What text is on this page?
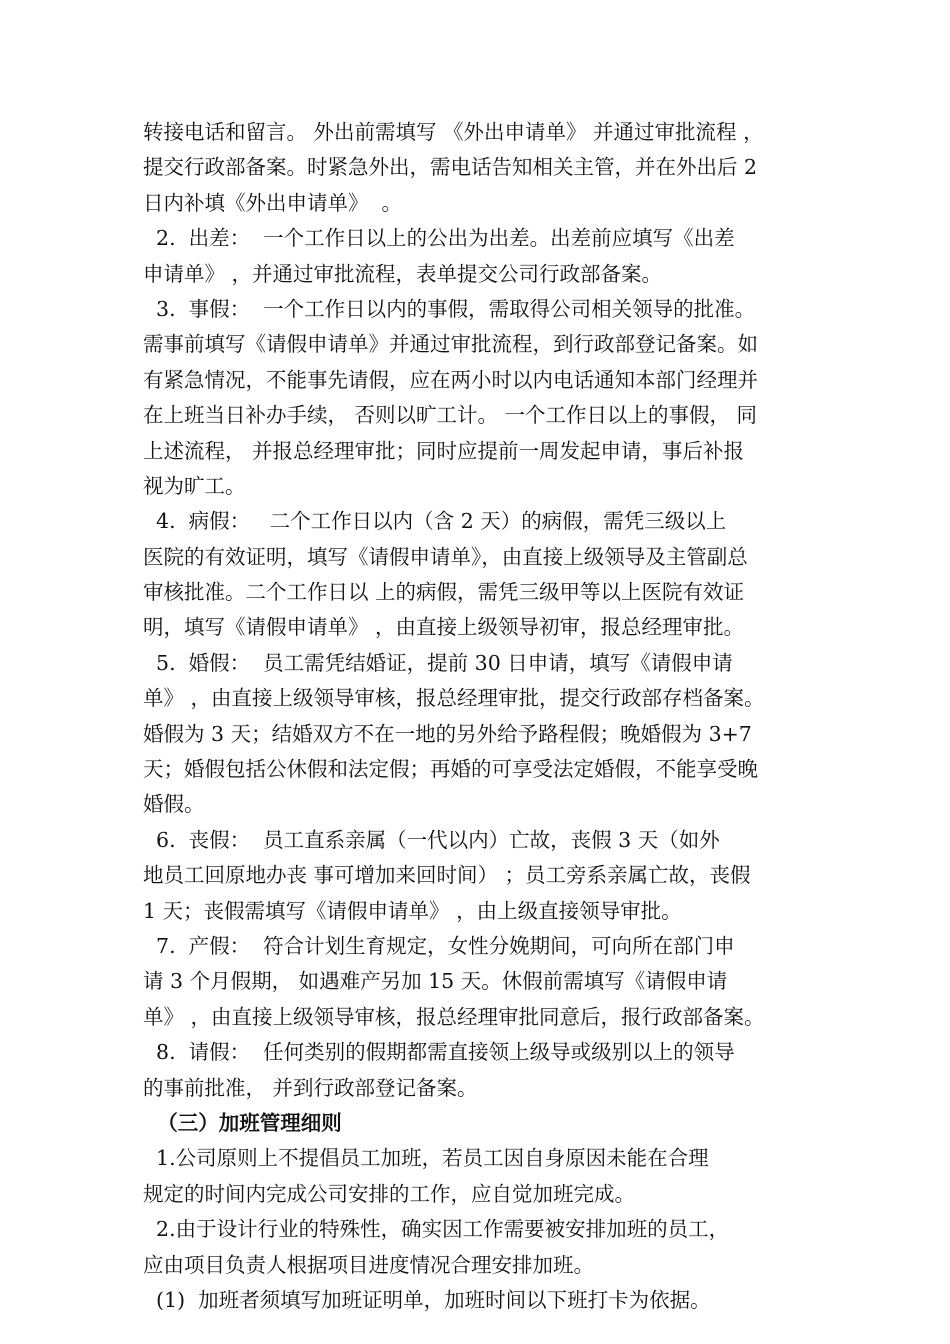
转接电话和留言。 外出前需填写 《外出申请单》 并通过审批流程 ，
提交行政部备案。时紧急外出，需电话告知相关主管，并在外出后 2
日内补填《外出申请单》  。
2.  出差：  一个工作日以上的公出为出差。出差前应填写《出差
申请单》 ，并通过审批流程，表单提交公司行政部备案。
3.  事假：  一个工作日以内的事假，需取得公司相关领导的批准。
需事前填写《请假申请单》并通过审批流程，到行政部登记备案。如
有紧急情况，不能事先请假，应在两小时以内电话通知本部门经理并
在上班当日补办手续， 否则以旷工计。 一个工作日以上的事假， 同
上述流程， 并报总经理审批；同时应提前一周发起申请，事后补报
视为旷工。
4.  病假：   二个工作日以内（含 2 天）的病假，需凭三级以上
医院的有效证明，填写《请假申请单》，由直接上级领导及主管副总
审核批准。二个工作日以 上的病假，需凭三级甲等以上医院有效证
明，填写《请假申请单》 ，由直接上级领导初审，报总经理审批。
5.  婚假：  员工需凭结婚证，提前 30 日申请，填写《请假申请
单》 ，由直接上级领导审核，报总经理审批，提交行政部存档备案。
婚假为 3 天；结婚双方不在一地的另外给予路程假；晚婚假为 3+7
天；婚假包括公休假和法定假；再婚的可享受法定婚假，不能享受晚
婚假。
6.  丧假：  员工直系亲属（一代以内）亡故，丧假 3 天（如外
地员工回原地办丧 事可增加来回时间） ；员工旁系亲属亡故，丧假
1 天；丧假需填写《请假申请单》 ，由上级直接领导审批。
7.  产假：  符合计划生育规定，女性分娩期间，可向所在部门申
请 3 个月假期， 如遇难产另加 15 天。休假前需填写《请假申请
单》 ，由直接上级领导审核，报总经理审批同意后，报行政部备案。
8.  请假：  任何类别的假期都需直接领上级导或级别以上的领导
的事前批准， 并到行政部登记备案。
（三）加班管理细则
1.公司原则上不提倡员工加班，若员工因自身原因未能在合理
规定的时间内完成公司安排的工作，应自觉加班完成。
2.由于设计行业的特殊性，确实因工作需要被安排加班的员工，
应由项目负责人根据项目进度情况合理安排加班。
(1)  加班者须填写加班证明单，加班时间以下班打卡为依据。
